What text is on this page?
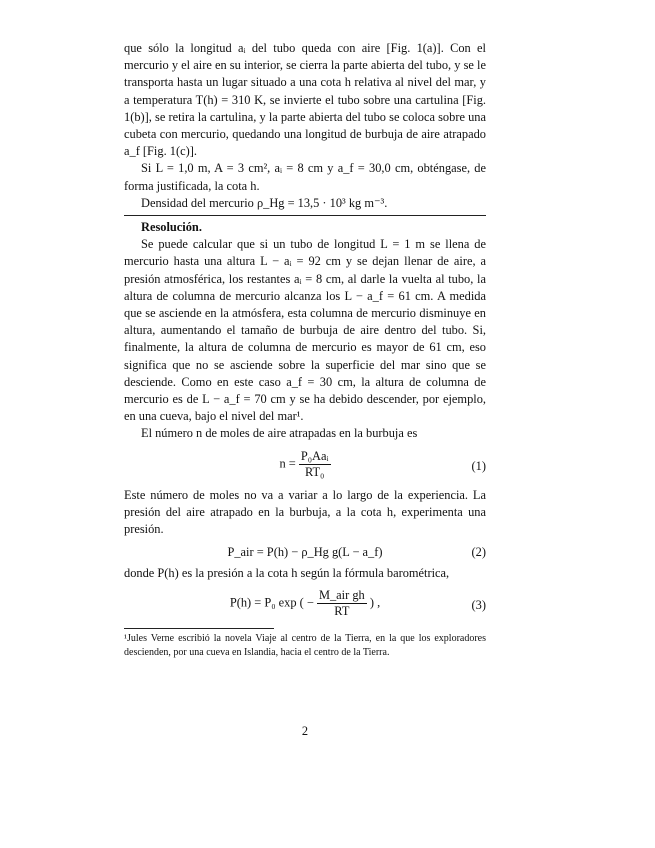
que sólo la longitud aᵢ del tubo queda con aire [Fig. 1(a)]. Con el mercurio y el aire en su interior, se cierra la parte abierta del tubo, y se le transporta hasta un lugar situado a una cota h relativa al nivel del mar, y a temperatura T(h) = 310 K, se invierte el tubo sobre una cartulina [Fig. 1(b)], se retira la cartulina, y la parte abierta del tubo se coloca sobre una cubeta con mercurio, quedando una longitud de burbuja de aire atrapado a_f [Fig. 1(c)].

Si L = 1,0 m, A = 3 cm², aᵢ = 8 cm y a_f = 30,0 cm, obténgase, de forma justificada, la cota h.

Densidad del mercurio ρ_Hg = 13,5 · 10³ kg m⁻³.

Resolución.

Se puede calcular que si un tubo de longitud L = 1 m se llena de mercurio hasta una altura L − aᵢ = 92 cm y se dejan llenar de aire, a presión atmosférica, los restantes aᵢ = 8 cm, al darle la vuelta al tubo, la altura de columna de mercurio alcanza los L − a_f = 61 cm. A medida que se asciende en la atmósfera, esta columna de mercurio disminuye en altura, aumentando el tamaño de burbuja de aire dentro del tubo. Si, finalmente, la altura de columna de mercurio es mayor de 61 cm, eso significa que no se asciende sobre la superficie del mar sino que se desciende. Como en este caso a_f = 30 cm, la altura de columna de mercurio es de L − a_f = 70 cm y se ha debido descender, por ejemplo, en una cueva, bajo el nivel del mar¹.

El número n de moles de aire atrapadas en la burbuja es

$n = \frac{\text{P₀Aaᵢ}}{\text{RT₀}}$	(1)

Este número de moles no va a variar a lo largo de la experiencia. La presión del aire atrapado en la burbuja, a la cota h, experimenta una presión.

P_air = P(h) − ρ_Hg g(L − a_f)	(2)

donde P(h) es la presión a la cota h según la fórmula barométrica,

P(h) = P₀ exp ( − $\frac{\text{M\_air gh}}{RT}$ ) ,	(3)

¹Jules Verne escribió la novela Viaje al centro de la Tierra, en la que los exploradores descienden, por una cueva en Islandia, hacia el centro de la Tierra.

2
